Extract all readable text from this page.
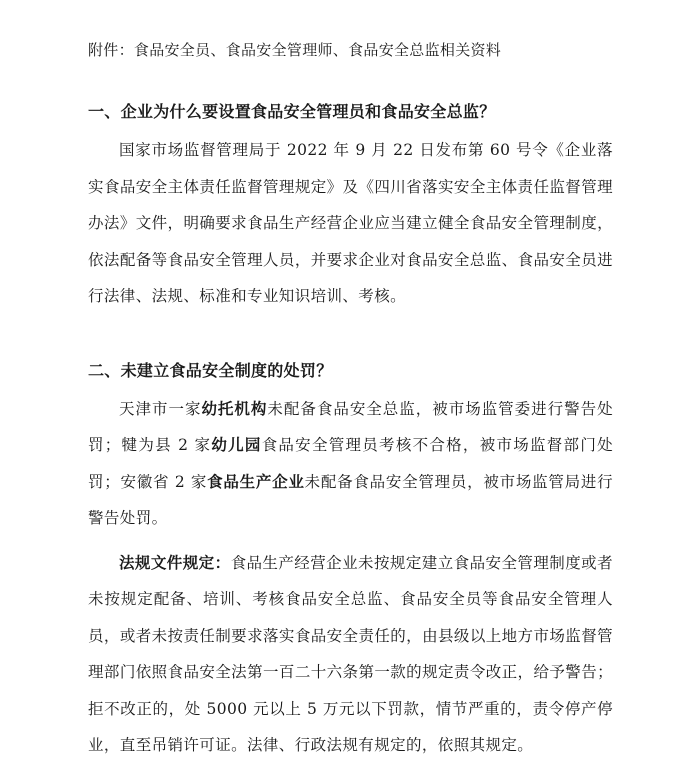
附件：食品安全员、食品安全管理师、食品安全总监相关资料

一、企业为什么要设置食品安全管理员和食品安全总监？

国家市场监督管理局于 2022 年 9 月 22 日发布第 60 号令《企业落实食品安全主体责任监督管理规定》及《四川省落实安全主体责任监督管理办法》文件，明确要求食品生产经营企业应当建立健全食品安全管理制度，依法配备等食品安全管理人员，并要求企业对食品安全总监、食品安全员进行法律、法规、标准和专业知识培训、考核。

二、未建立食品安全制度的处罚？

天津市一家幼托机构未配备食品安全总监，被市场监管委进行警告处罚；犍为县 2 家幼儿园食品安全管理员考核不合格，被市场监督部门处罚；安徽省 2 家食品生产企业未配备食品安全管理员，被市场监管局进行警告处罚。

法规文件规定：食品生产经营企业未按规定建立食品安全管理制度或者未按规定配备、培训、考核食品安全总监、食品安全员等食品安全管理人员，或者未按责任制要求落实食品安全责任的，由县级以上地方市场监督管理部门依照食品安全法第一百二十六条第一款的规定责令改正，给予警告；拒不改正的，处 5000 元以上 5 万元以下罚款，情节严重的，责令停产停业，直至吊销许可证。法律、行政法规有规定的，依照其规定。
